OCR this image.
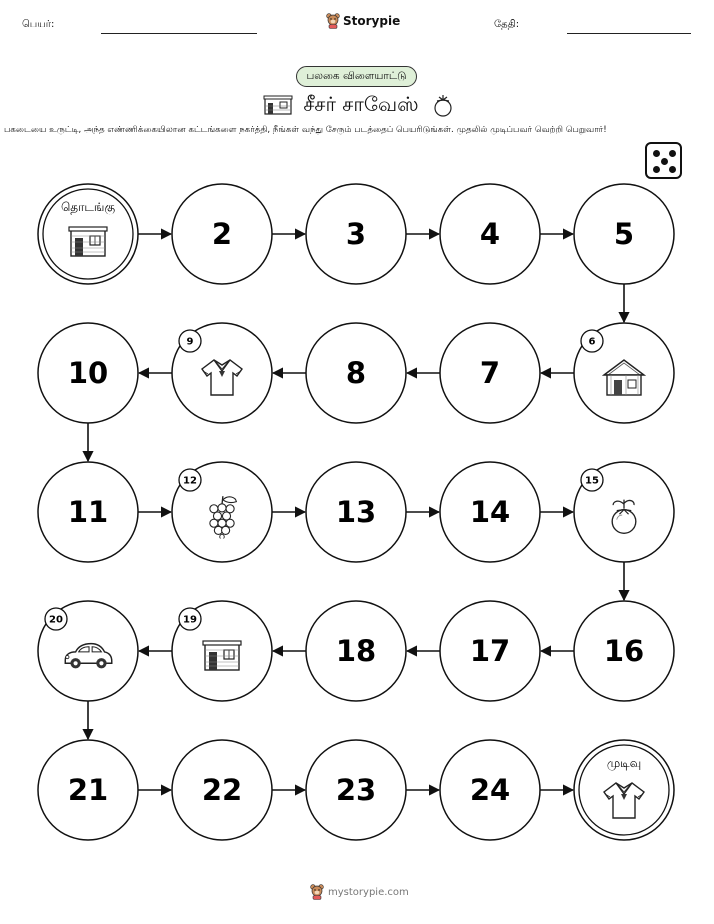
பெயர்:	Storypie	தேதி:
பலகை விளையாட்டு
சீசர் சாவேஸ்
பகடையை உருட்டி, அந்த எண்ணிக்கையிலான கட்டங்களை நகர்த்தி, நீங்கள் வந்து சேரும் படத்தைப் பெயரிடுங்கள். முதலில் முடிப்பவர் வெற்றி பெறுவார்!
தொடங்கு
2	3	4	5
6
7
8
9
10
11
12
13	14
15
16
17
18
19
20
21	22	23	24
முடிவு
mystorypie.com
